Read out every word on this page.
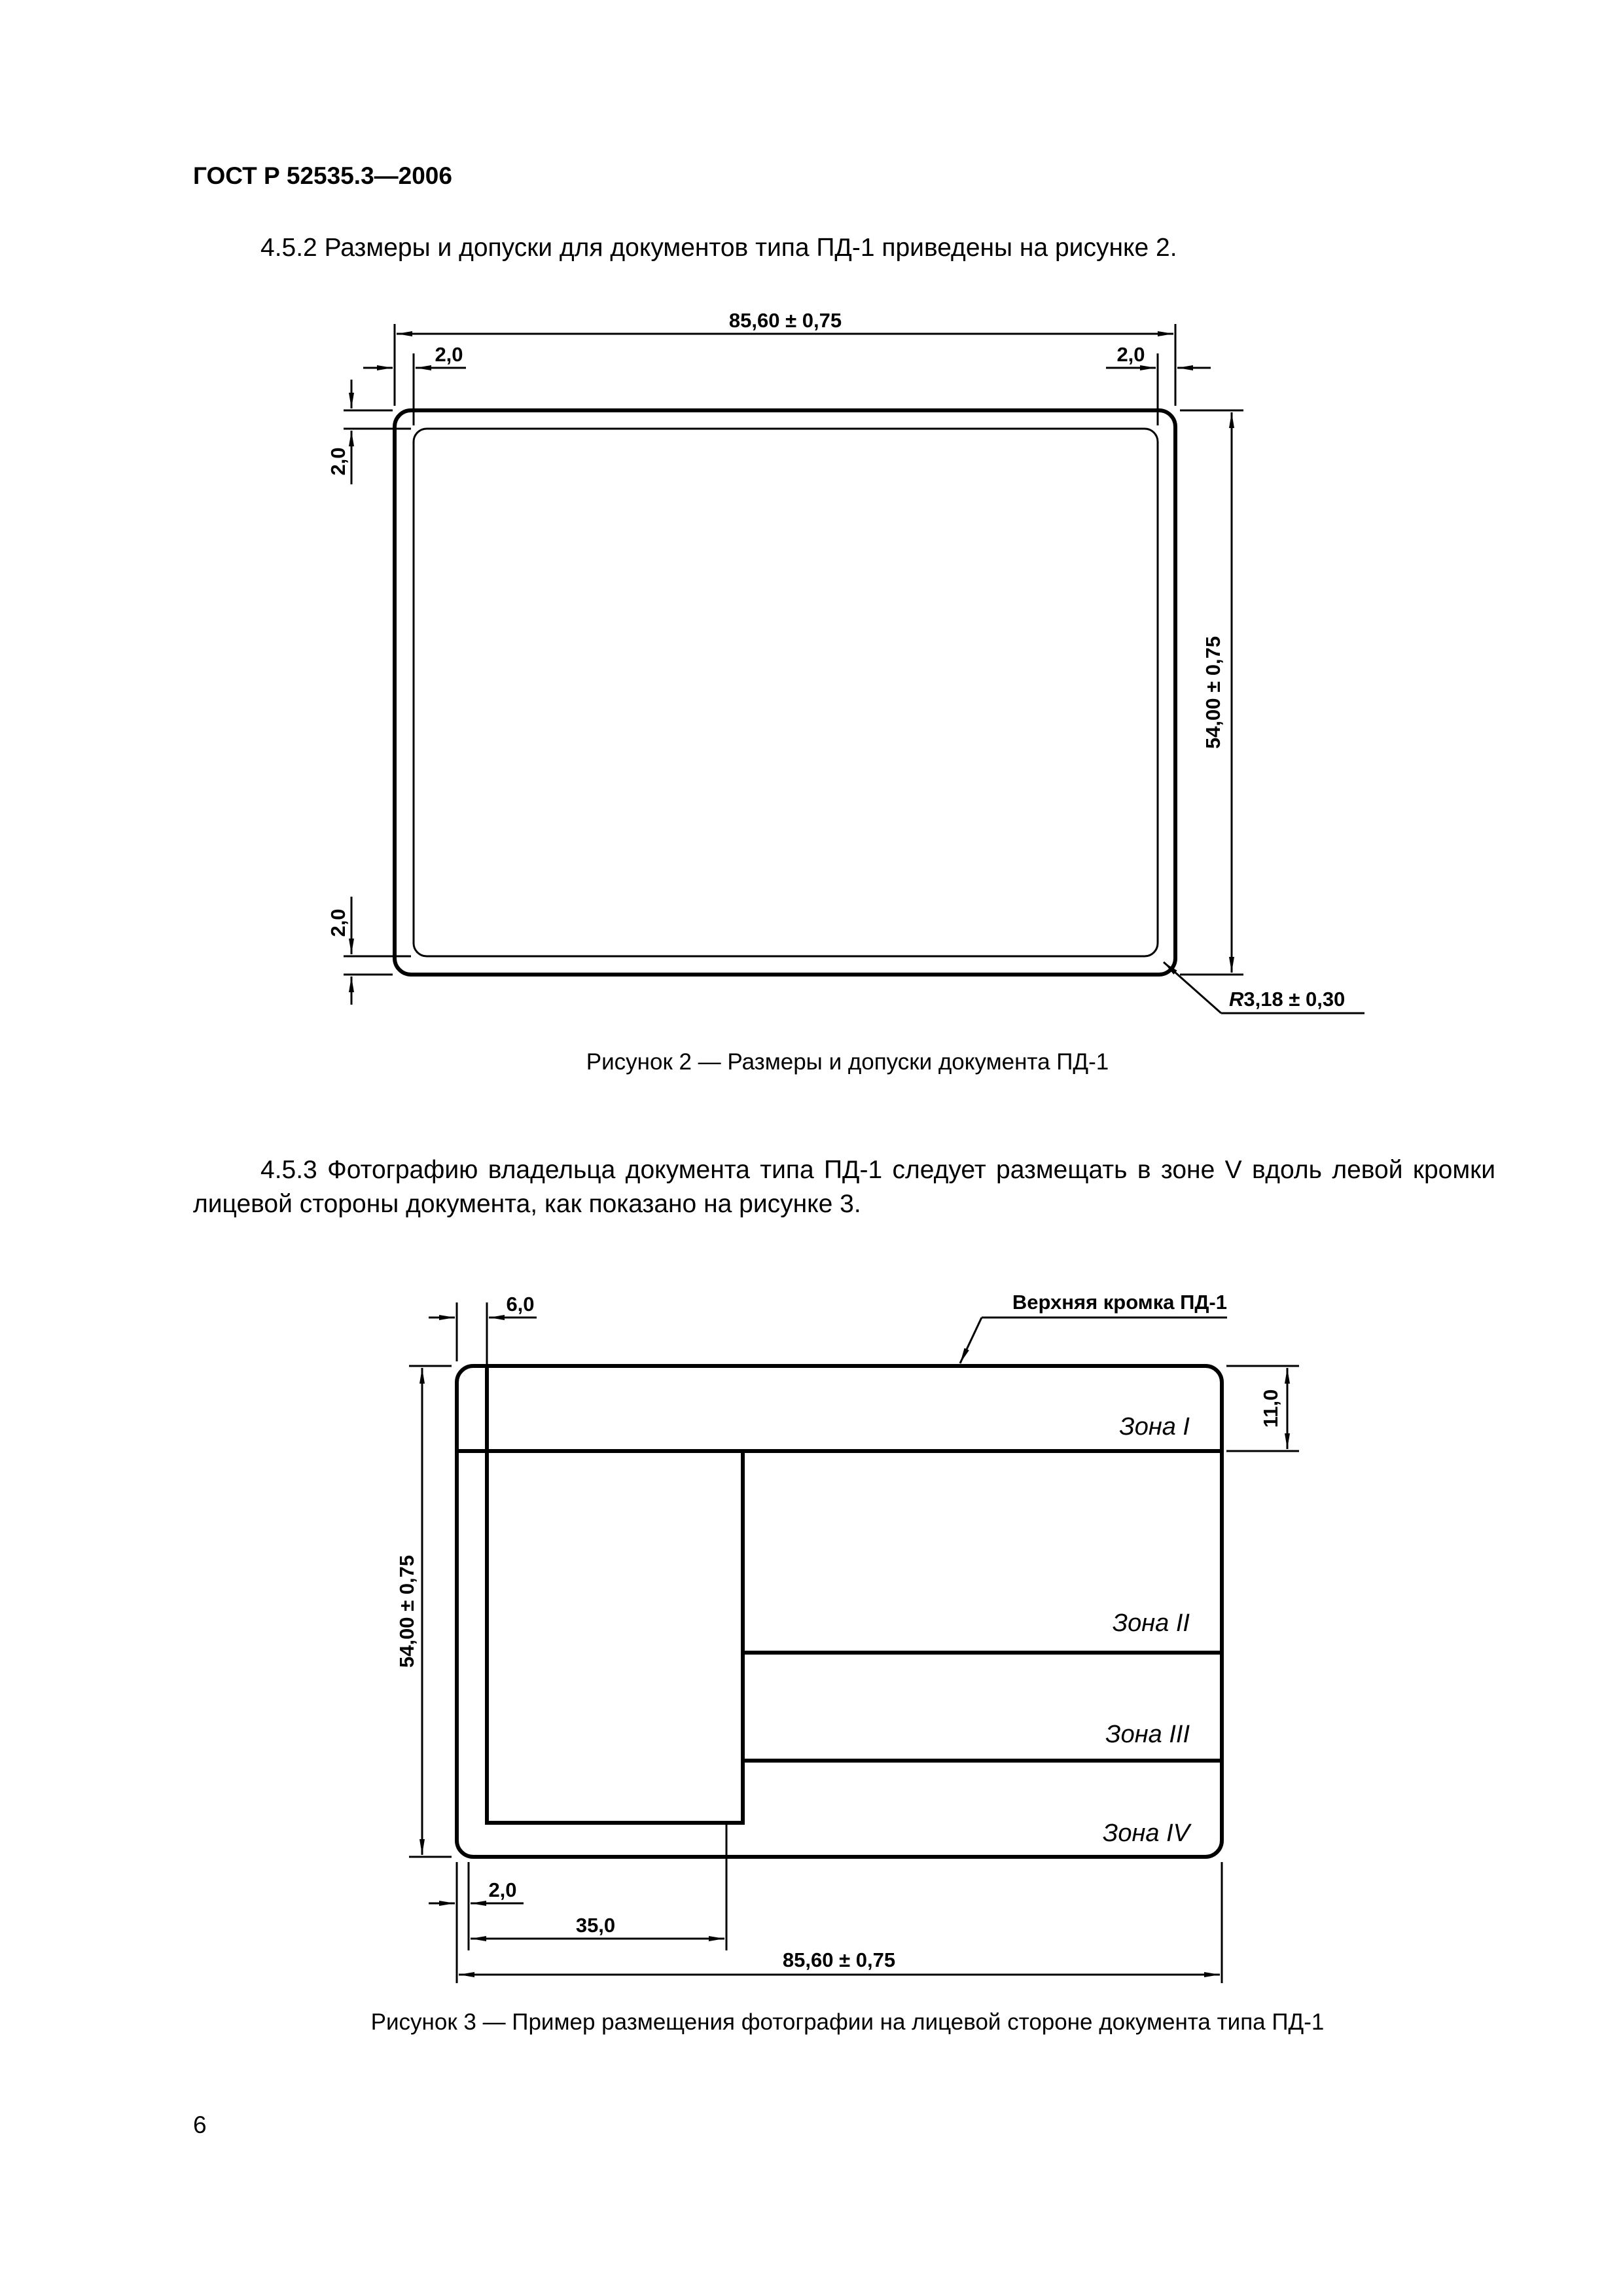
ГОСТ Р 52535.3—2006

4.5.2 Размеры и допуски для документов типа ПД-1 приведены на рисунке 2.

85,60 ± 0,75
2,0	2,0
2,0
2,0
54,00 ± 0,75
R3,18 ± 0,30
Рисунок 2 — Размеры и допуски документа ПД-1

4.5.3 Фотографию владельца документа типа ПД-1 следует размещать в зоне V вдоль левой кромки лицевой стороны документа, как показано на рисунке 3.

Зона I
Зона II
Зона III
Зона IV
6,0	Верхняя кромка ПД-1
11,0
54,00 ± 0,75
2,0
35,0
85,60 ± 0,75
Рисунок 3 — Пример размещения фотографии на лицевой стороне документа типа ПД-1
6
